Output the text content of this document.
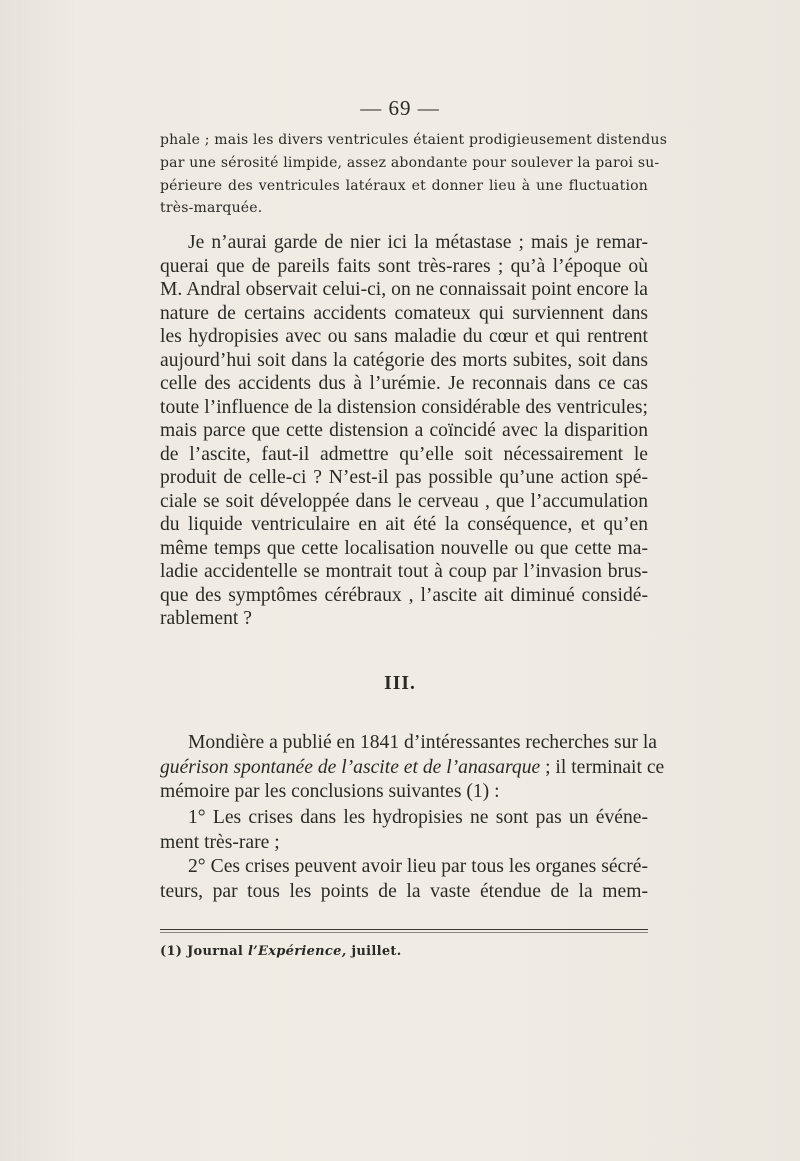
— 69 —
phale ; mais les divers ventricules étaient prodigieusement distendus
par une sérosité limpide, assez abondante pour soulever la paroi su-
périeure des ventricules latéraux et donner lieu à une fluctuation
très-marquée.
Je n’aurai garde de nier ici la métastase ; mais je remar-
querai que de pareils faits sont très-rares ; qu’à l’époque où
M. Andral observait celui-ci, on ne connaissait point encore la
nature de certains accidents comateux qui surviennent dans
les hydropisies avec ou sans maladie du cœur et qui rentrent
aujourd’hui soit dans la catégorie des morts subites, soit dans
celle des accidents dus à l’urémie. Je reconnais dans ce cas
toute l’influence de la distension considérable des ventricules;
mais parce que cette distension a coïncidé avec la disparition
de l’ascite, faut-il admettre qu’elle soit nécessairement le
produit de celle-ci ? N’est-il pas possible qu’une action spé-
ciale se soit développée dans le cerveau , que l’accumulation
du liquide ventriculaire en ait été la conséquence, et qu’en
même temps que cette localisation nouvelle ou que cette ma-
ladie accidentelle se montrait tout à coup par l’invasion brus-
que des symptômes cérébraux , l’ascite ait diminué considé-
rablement ?
III.
Mondière a publié en 1841 d’intéressantes recherches sur la
guérison spontanée de l’ascite et de l’anasarque ; il terminait ce
mémoire par les conclusions suivantes (1) :
1° Les crises dans les hydropisies ne sont pas un événe-
ment très-rare ;
2° Ces crises peuvent avoir lieu par tous les organes sécré-
teurs, par tous les points de la vaste étendue de la mem-
(1) Journal l’Expérience, juillet.
